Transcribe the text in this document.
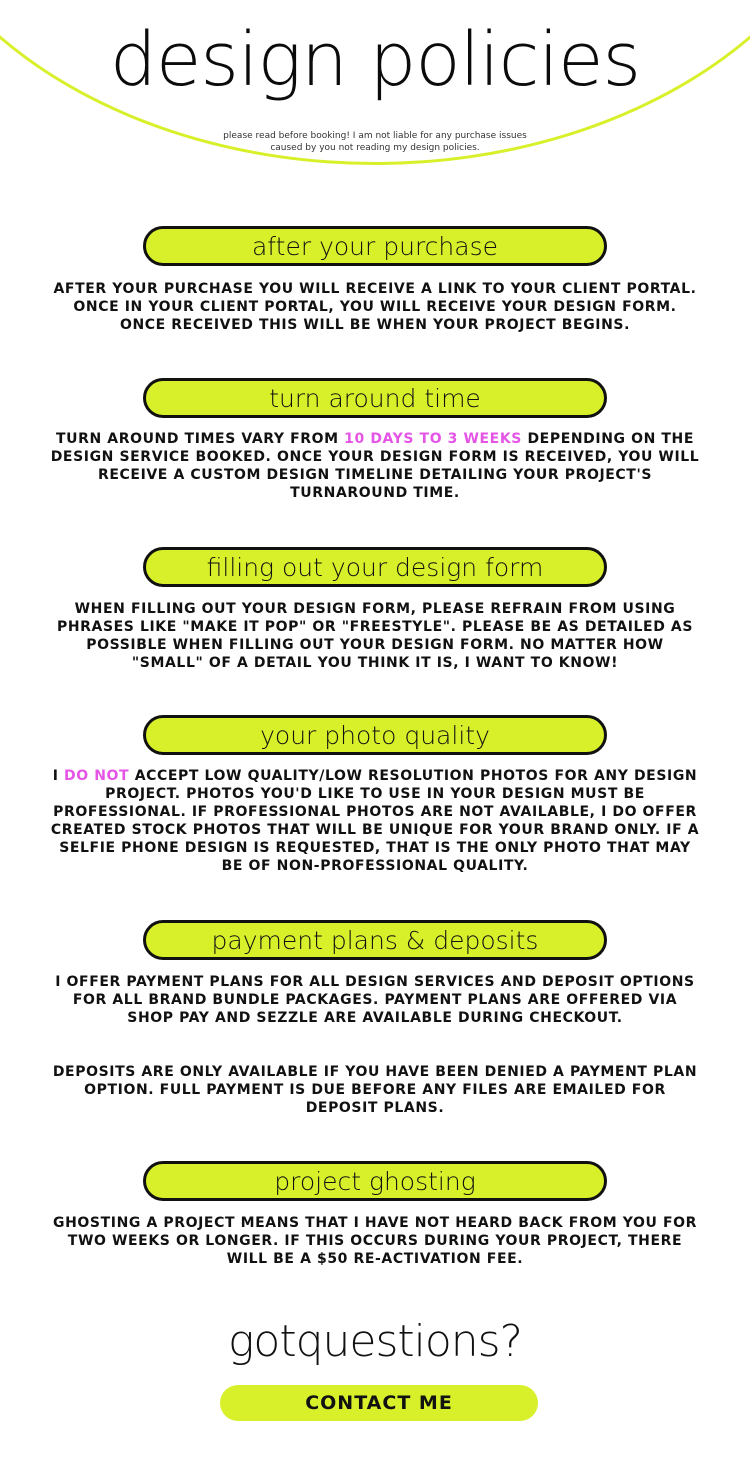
design policies
please read before booking! I am not liable for any purchase issues
caused by you not reading my design policies.
after your purchase

AFTER YOUR PURCHASE YOU WILL RECEIVE A LINK TO YOUR CLIENT PORTAL. ONCE IN YOUR CLIENT PORTAL, YOU WILL RECEIVE YOUR DESIGN FORM. ONCE RECEIVED THIS WILL BE WHEN YOUR PROJECT BEGINS.

turn around time

TURN AROUND TIMES VARY FROM 10 DAYS TO 3 WEEKS DEPENDING ON THE DESIGN SERVICE BOOKED. ONCE YOUR DESIGN FORM IS RECEIVED, YOU WILL RECEIVE A CUSTOM DESIGN TIMELINE DETAILING YOUR PROJECT'S TURNAROUND TIME.

filling out your design form

WHEN FILLING OUT YOUR DESIGN FORM, PLEASE REFRAIN FROM USING PHRASES LIKE "MAKE IT POP" OR "FREESTYLE". PLEASE BE AS DETAILED AS POSSIBLE WHEN FILLING OUT YOUR DESIGN FORM. NO MATTER HOW "SMALL" OF A DETAIL YOU THINK IT IS, I WANT TO KNOW!

your photo quality

I DO NOT ACCEPT LOW QUALITY/LOW RESOLUTION PHOTOS FOR ANY DESIGN PROJECT. PHOTOS YOU'D LIKE TO USE IN YOUR DESIGN MUST BE PROFESSIONAL. IF PROFESSIONAL PHOTOS ARE NOT AVAILABLE, I DO OFFER CREATED STOCK PHOTOS THAT WILL BE UNIQUE FOR YOUR BRAND ONLY. IF A SELFIE PHONE DESIGN IS REQUESTED, THAT IS THE ONLY PHOTO THAT MAY BE OF NON-PROFESSIONAL QUALITY.

payment plans & deposits

I OFFER PAYMENT PLANS FOR ALL DESIGN SERVICES AND DEPOSIT OPTIONS FOR ALL BRAND BUNDLE PACKAGES. PAYMENT PLANS ARE OFFERED VIA SHOP PAY AND SEZZLE ARE AVAILABLE DURING CHECKOUT.

DEPOSITS ARE ONLY AVAILABLE IF YOU HAVE BEEN DENIED A PAYMENT PLAN OPTION. FULL PAYMENT IS DUE BEFORE ANY FILES ARE EMAILED FOR DEPOSIT PLANS.

project ghosting

GHOSTING A PROJECT MEANS THAT I HAVE NOT HEARD BACK FROM YOU FOR TWO WEEKS OR LONGER. IF THIS OCCURS DURING YOUR PROJECT, THERE WILL BE A $50 RE-ACTIVATION FEE.

gotquestions?
CONTACT ME
